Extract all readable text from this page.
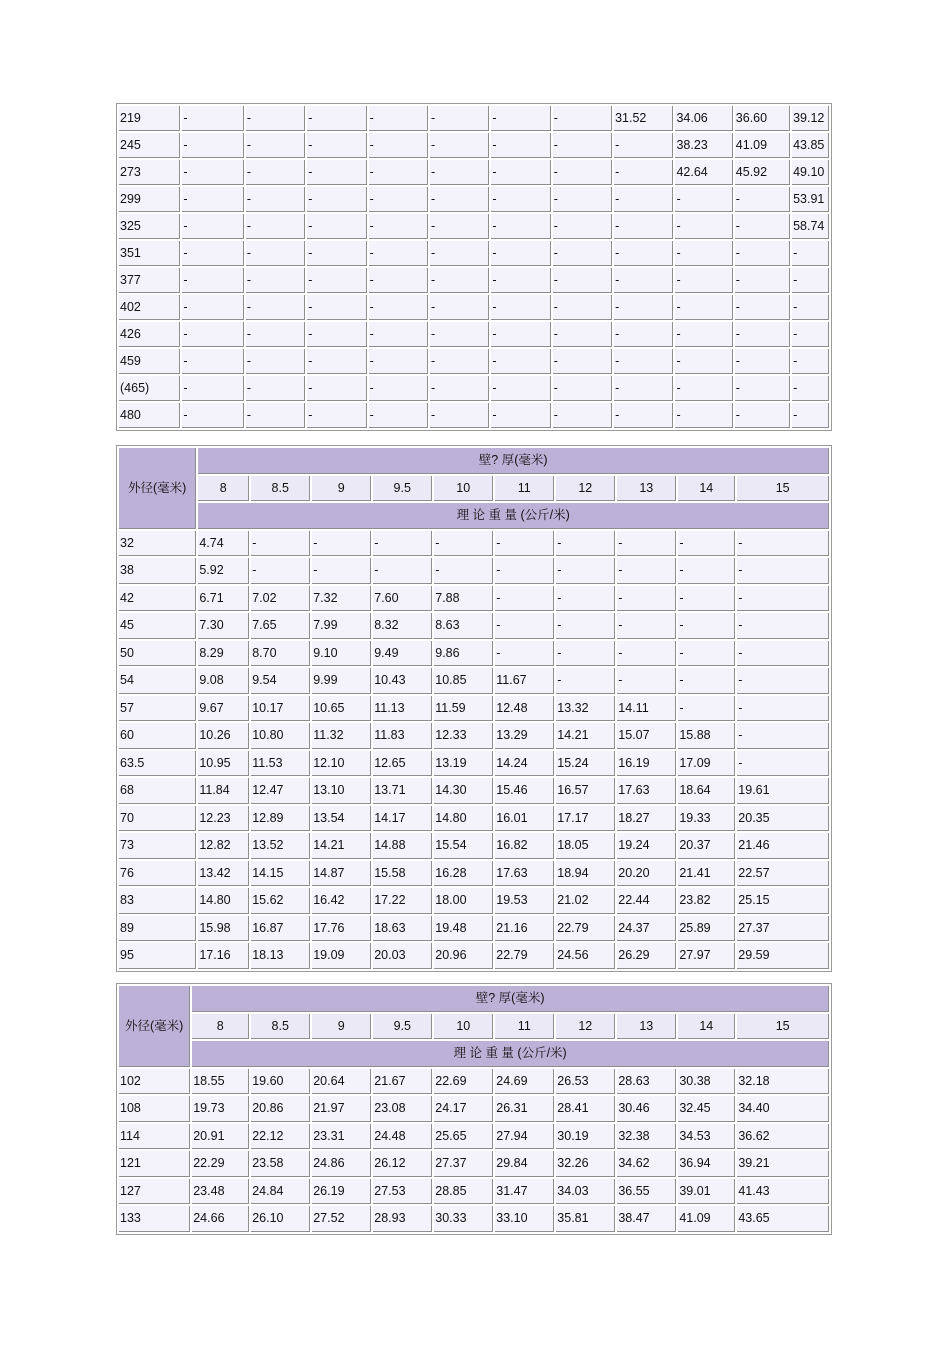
219	-	-	-	-	-	-	-	31.52	34.06	36.60	39.12
245	-	-	-	-	-	-	-	-	38.23	41.09	43.85
273	-	-	-	-	-	-	-	-	42.64	45.92	49.10
299	-	-	-	-	-	-	-	-	-	-	53.91
325	-	-	-	-	-	-	-	-	-	-	58.74
351	-	-	-	-	-	-	-	-	-	-	-
377	-	-	-	-	-	-	-	-	-	-	-
402	-	-	-	-	-	-	-	-	-	-	-
426	-	-	-	-	-	-	-	-	-	-	-
459	-	-	-	-	-	-	-	-	-	-	-
(465)	-	-	-	-	-	-	-	-	-	-	-
480	-	-	-	-	-	-	-	-	-	-	-
外径(毫米)	壁? 厚(毫米)									
	8	8.5	9	9.5	10	11	12	13	14	15
	理 论 重 量 (公斤/米)									
32	4.74	-	-	-	-	-	-	-	-	-
38	5.92	-	-	-	-	-	-	-	-	-
42	6.71	7.02	7.32	7.60	7.88	-	-	-	-	-
45	7.30	7.65	7.99	8.32	8.63	-	-	-	-	-
50	8.29	8.70	9.10	9.49	9.86	-	-	-	-	-
54	9.08	9.54	9.99	10.43	10.85	11.67	-	-	-	-
57	9.67	10.17	10.65	11.13	11.59	12.48	13.32	14.11	-	-
60	10.26	10.80	11.32	11.83	12.33	13.29	14.21	15.07	15.88	-
63.5	10.95	11.53	12.10	12.65	13.19	14.24	15.24	16.19	17.09	-
68	11.84	12.47	13.10	13.71	14.30	15.46	16.57	17.63	18.64	19.61
70	12.23	12.89	13.54	14.17	14.80	16.01	17.17	18.27	19.33	20.35
73	12.82	13.52	14.21	14.88	15.54	16.82	18.05	19.24	20.37	21.46
76	13.42	14.15	14.87	15.58	16.28	17.63	18.94	20.20	21.41	22.57
83	14.80	15.62	16.42	17.22	18.00	19.53	21.02	22.44	23.82	25.15
89	15.98	16.87	17.76	18.63	19.48	21.16	22.79	24.37	25.89	27.37
95	17.16	18.13	19.09	20.03	20.96	22.79	24.56	26.29	27.97	29.59
外径(毫米)	壁? 厚(毫米)									
	8	8.5	9	9.5	10	11	12	13	14	15
	理 论 重 量 (公斤/米)									
102	18.55	19.60	20.64	21.67	22.69	24.69	26.53	28.63	30.38	32.18
108	19.73	20.86	21.97	23.08	24.17	26.31	28.41	30.46	32.45	34.40
114	20.91	22.12	23.31	24.48	25.65	27.94	30.19	32.38	34.53	36.62
121	22.29	23.58	24.86	26.12	27.37	29.84	32.26	34.62	36.94	39.21
127	23.48	24.84	26.19	27.53	28.85	31.47	34.03	36.55	39.01	41.43
133	24.66	26.10	27.52	28.93	30.33	33.10	35.81	38.47	41.09	43.65
